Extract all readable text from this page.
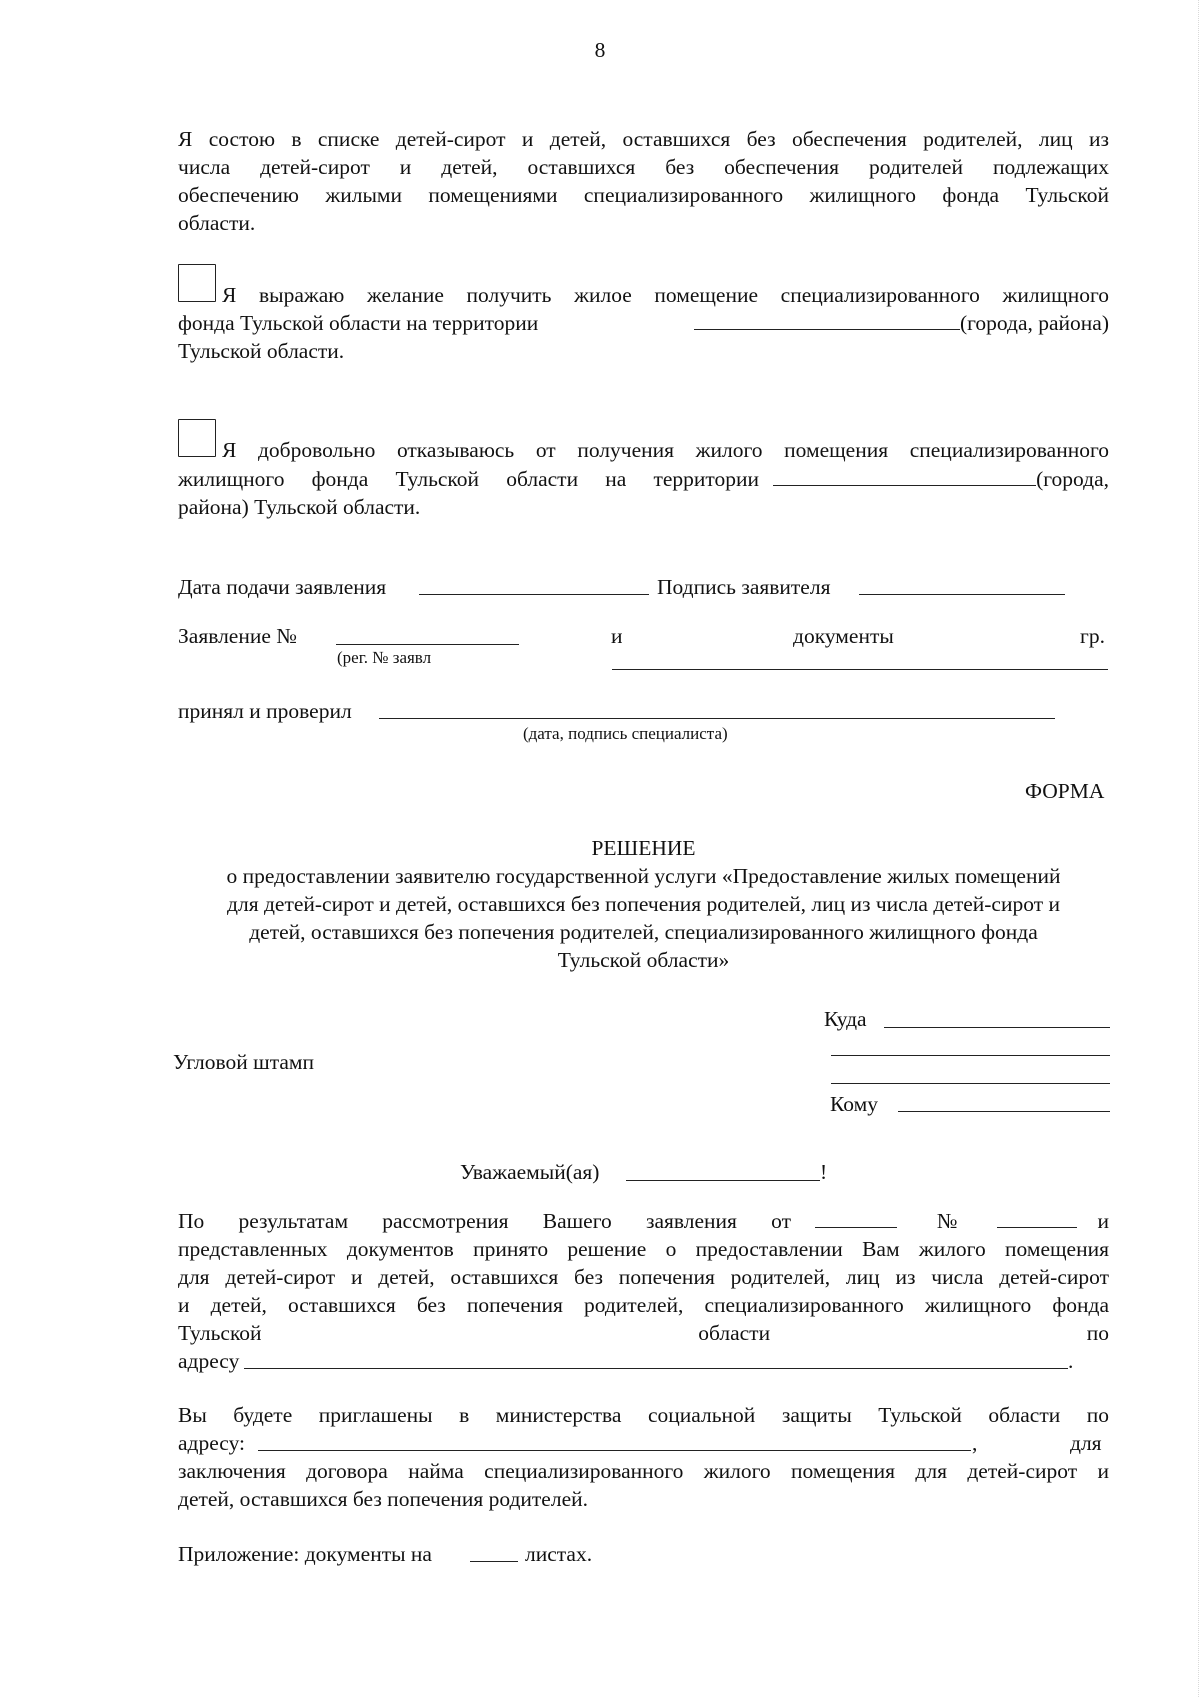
8
Я состою в списке детей-сирот и детей, оставшихся без обеспечения родителей, лиц из
числа детей-сирот и детей, оставшихся без обеспечения родителей подлежащих
обеспечению жилыми помещениями специализированного жилищного фонда Тульской
области.
Я выражаю желание получить жилое помещение специализированного жилищного
фонда Тульской области на территории	(города, района)
Тульской области.
Я добровольно отказываюсь от получения жилого помещения специализированного
жилищного фонда Тульской области на территории	(города,
района) Тульской области.
Дата подачи заявления	Подпись заявителя
Заявление №
(рег. № заявл
и	документы	гр.
принял и проверил
(дата, подпись специалиста)
ФОРМА
РЕШЕНИЕ
о предоставлении заявителю государственной услуги «Предоставление жилых помещений
для детей-сирот и детей, оставшихся без попечения родителей, лиц из числа детей-сирот и
детей, оставшихся без попечения родителей, специализированного жилищного фонда
Тульской области»
Куда
Кому
Угловой штамп
Уважаемый(ая)	!
По результатам рассмотрения Вашего заявления от	№	и
представленных документов принято решение о предоставлении Вам жилого помещения
для детей-сирот и детей, оставшихся без попечения родителей, лиц из числа детей-сирот
и детей, оставшихся без попечения родителей, специализированного жилищного фонда
Тульской	области	по
адресу	.
Вы будете приглашены в министерства социальной защиты Тульской области по
адресу:	,	для
заключения договора найма специализированного жилого помещения для детей-сирот и
детей, оставшихся без попечения родителей.
Приложение: документы на	листах.
